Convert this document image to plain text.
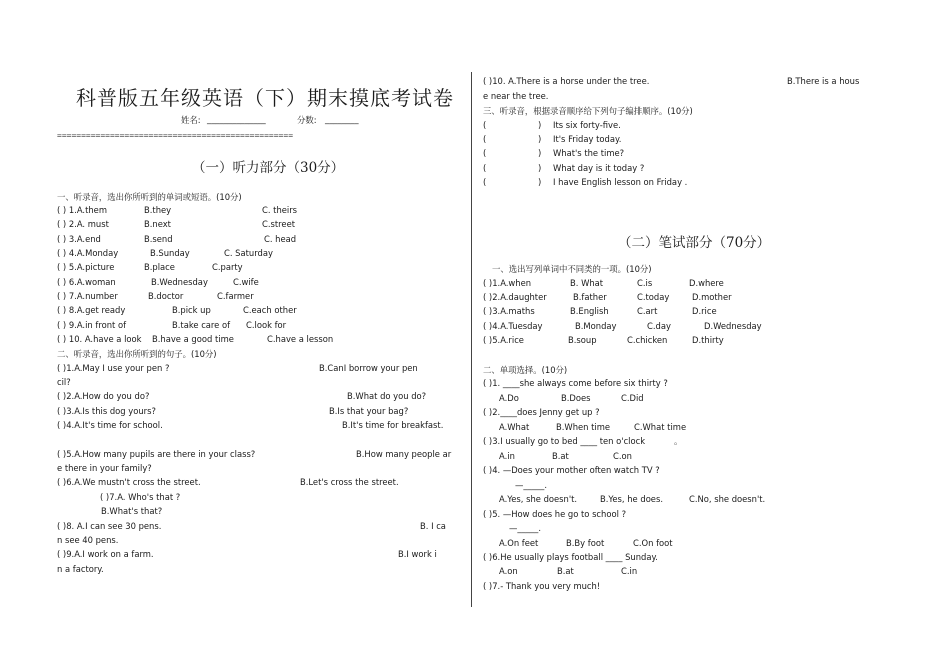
科普版五年级英语（下）期末摸底考试卷
姓名: ______________	分数: ________
=================================================
（一）听力部分（30分）
一、听录音，选出你所听到的单词或短语。(10分)
( ) 1.A.them	B.they	C. theirs
( ) 2.A. must	B.next	C.street
( ) 3.A.end	B.send	C. head
( ) 4.A.Monday	B.Sunday	C. Saturday
( ) 5.A.picture	B.place	C.party
( ) 6.A.woman	B.Wednesday	C.wife
( ) 7.A.number	B.doctor	C.farmer
( ) 8.A.get ready	B.pick up	C.each other
( ) 9.A.in front of	B.take care of C.look for
( ) 10. A.have a look B.have a good time	C.have a lesson
二、听录音，选出你所听到的句子。(10分)
( )1.A.May I use your pen ?	B.CanI borrow your pen
cil?
( )2.A.How do you do?	B.What do you do?
( )3.A.Is this dog yours?	B.Is that your bag?
( )4.A.It's time for school.	B.It's time for breakfast.
( )5.A.How many pupils are there in your class?	B.How many people ar
e there in your family?
( )6.A.We mustn't cross the street.	B.Let's cross the street.
( )7.A. Who's that ?
B.What's that?
( )8. A.I can see 30 pens.	B. I ca
n see 40 pens.
( )9.A.I work on a farm.	B.I work i
n a factory.
( )10. A.There is a horse under the tree.	B.There is a hous
e near the tree.
三、听录音，根据录音顺序给下列句子编排顺序。(10分)
(	) Its six forty-five.
(	) It's Friday today.
(	) What's the time?
(	) What day is it today ?
(	) I have English lesson on Friday .
（二）笔试部分（70分）
一、选出写列单词中不同类的一项。(10分)
( )1.A.when	B. What	C.is	D.where
( )2.A.daughter	B.father	C.today	D.mother
( )3.A.maths	B.English	C.art	D.rice
( )4.A.Tuesday	B.Monday	C.day	D.Wednesday
( )5.A.rice	B.soup	C.chicken	D.thirty
二、单项选择。(10分)
( )1. ____she always come before six thirty ?
A.Do	B.Does	C.Did
( )2.____does Jenny get up ?
A.What	B.When time	C.What time
( )3.I usually go to bed ____ ten o'clock	。
A.in	B.at	C.on
( )4. —Does your mother often watch TV ?
—_____.
A.Yes, she doesn't.	B.Yes, he does.	C.No, she doesn't.
( )5. —How does he go to school ?
—_____.
A.On feet	B.By foot	C.On foot
( )6.He usually plays football ____ Sunday.
A.on	B.at	C.in
( )7.- Thank you very much!
